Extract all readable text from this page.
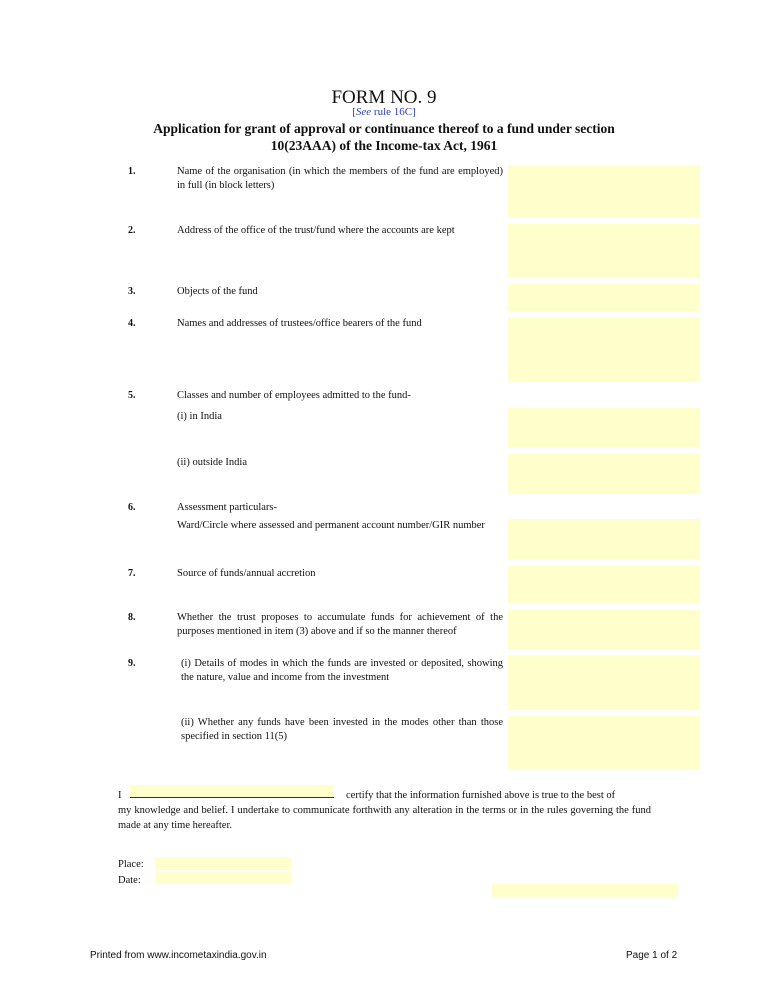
FORM NO. 9
[See rule 16C]
Application for grant of approval or continuance thereof to a fund under section
10(23AAA) of the Income-tax Act, 1961
1.	Name of the organisation (in which the members of the fund are employed) in full (in block letters)
2.	Address of the office of the trust/fund where the accounts are kept
3.	Objects of the fund
4.	Names and addresses of trustees/office bearers of the fund
5.	Classes and number of employees admitted to the fund-
(i) in India
(ii) outside India
6.	Assessment particulars-
Ward/Circle where assessed and permanent account number/GIR number
7.	Source of funds/annual accretion
8.	Whether the trust proposes to accumulate funds for achievement of the purposes mentioned in item (3) above and if so the manner thereof
9.	(i) Details of modes in which the funds are invested or deposited, showing the nature, value and income from the investment
(ii) Whether any funds have been invested in the modes other than those specified in section 11(5)
I	certify that the information furnished above is true to the best of
my knowledge and belief. I undertake to communicate forthwith any alteration in the terms or in the rules governing the fund made at any time hereafter.
Place:
Date:
Printed from www.incometaxindia.gov.in	Page 1 of 2
